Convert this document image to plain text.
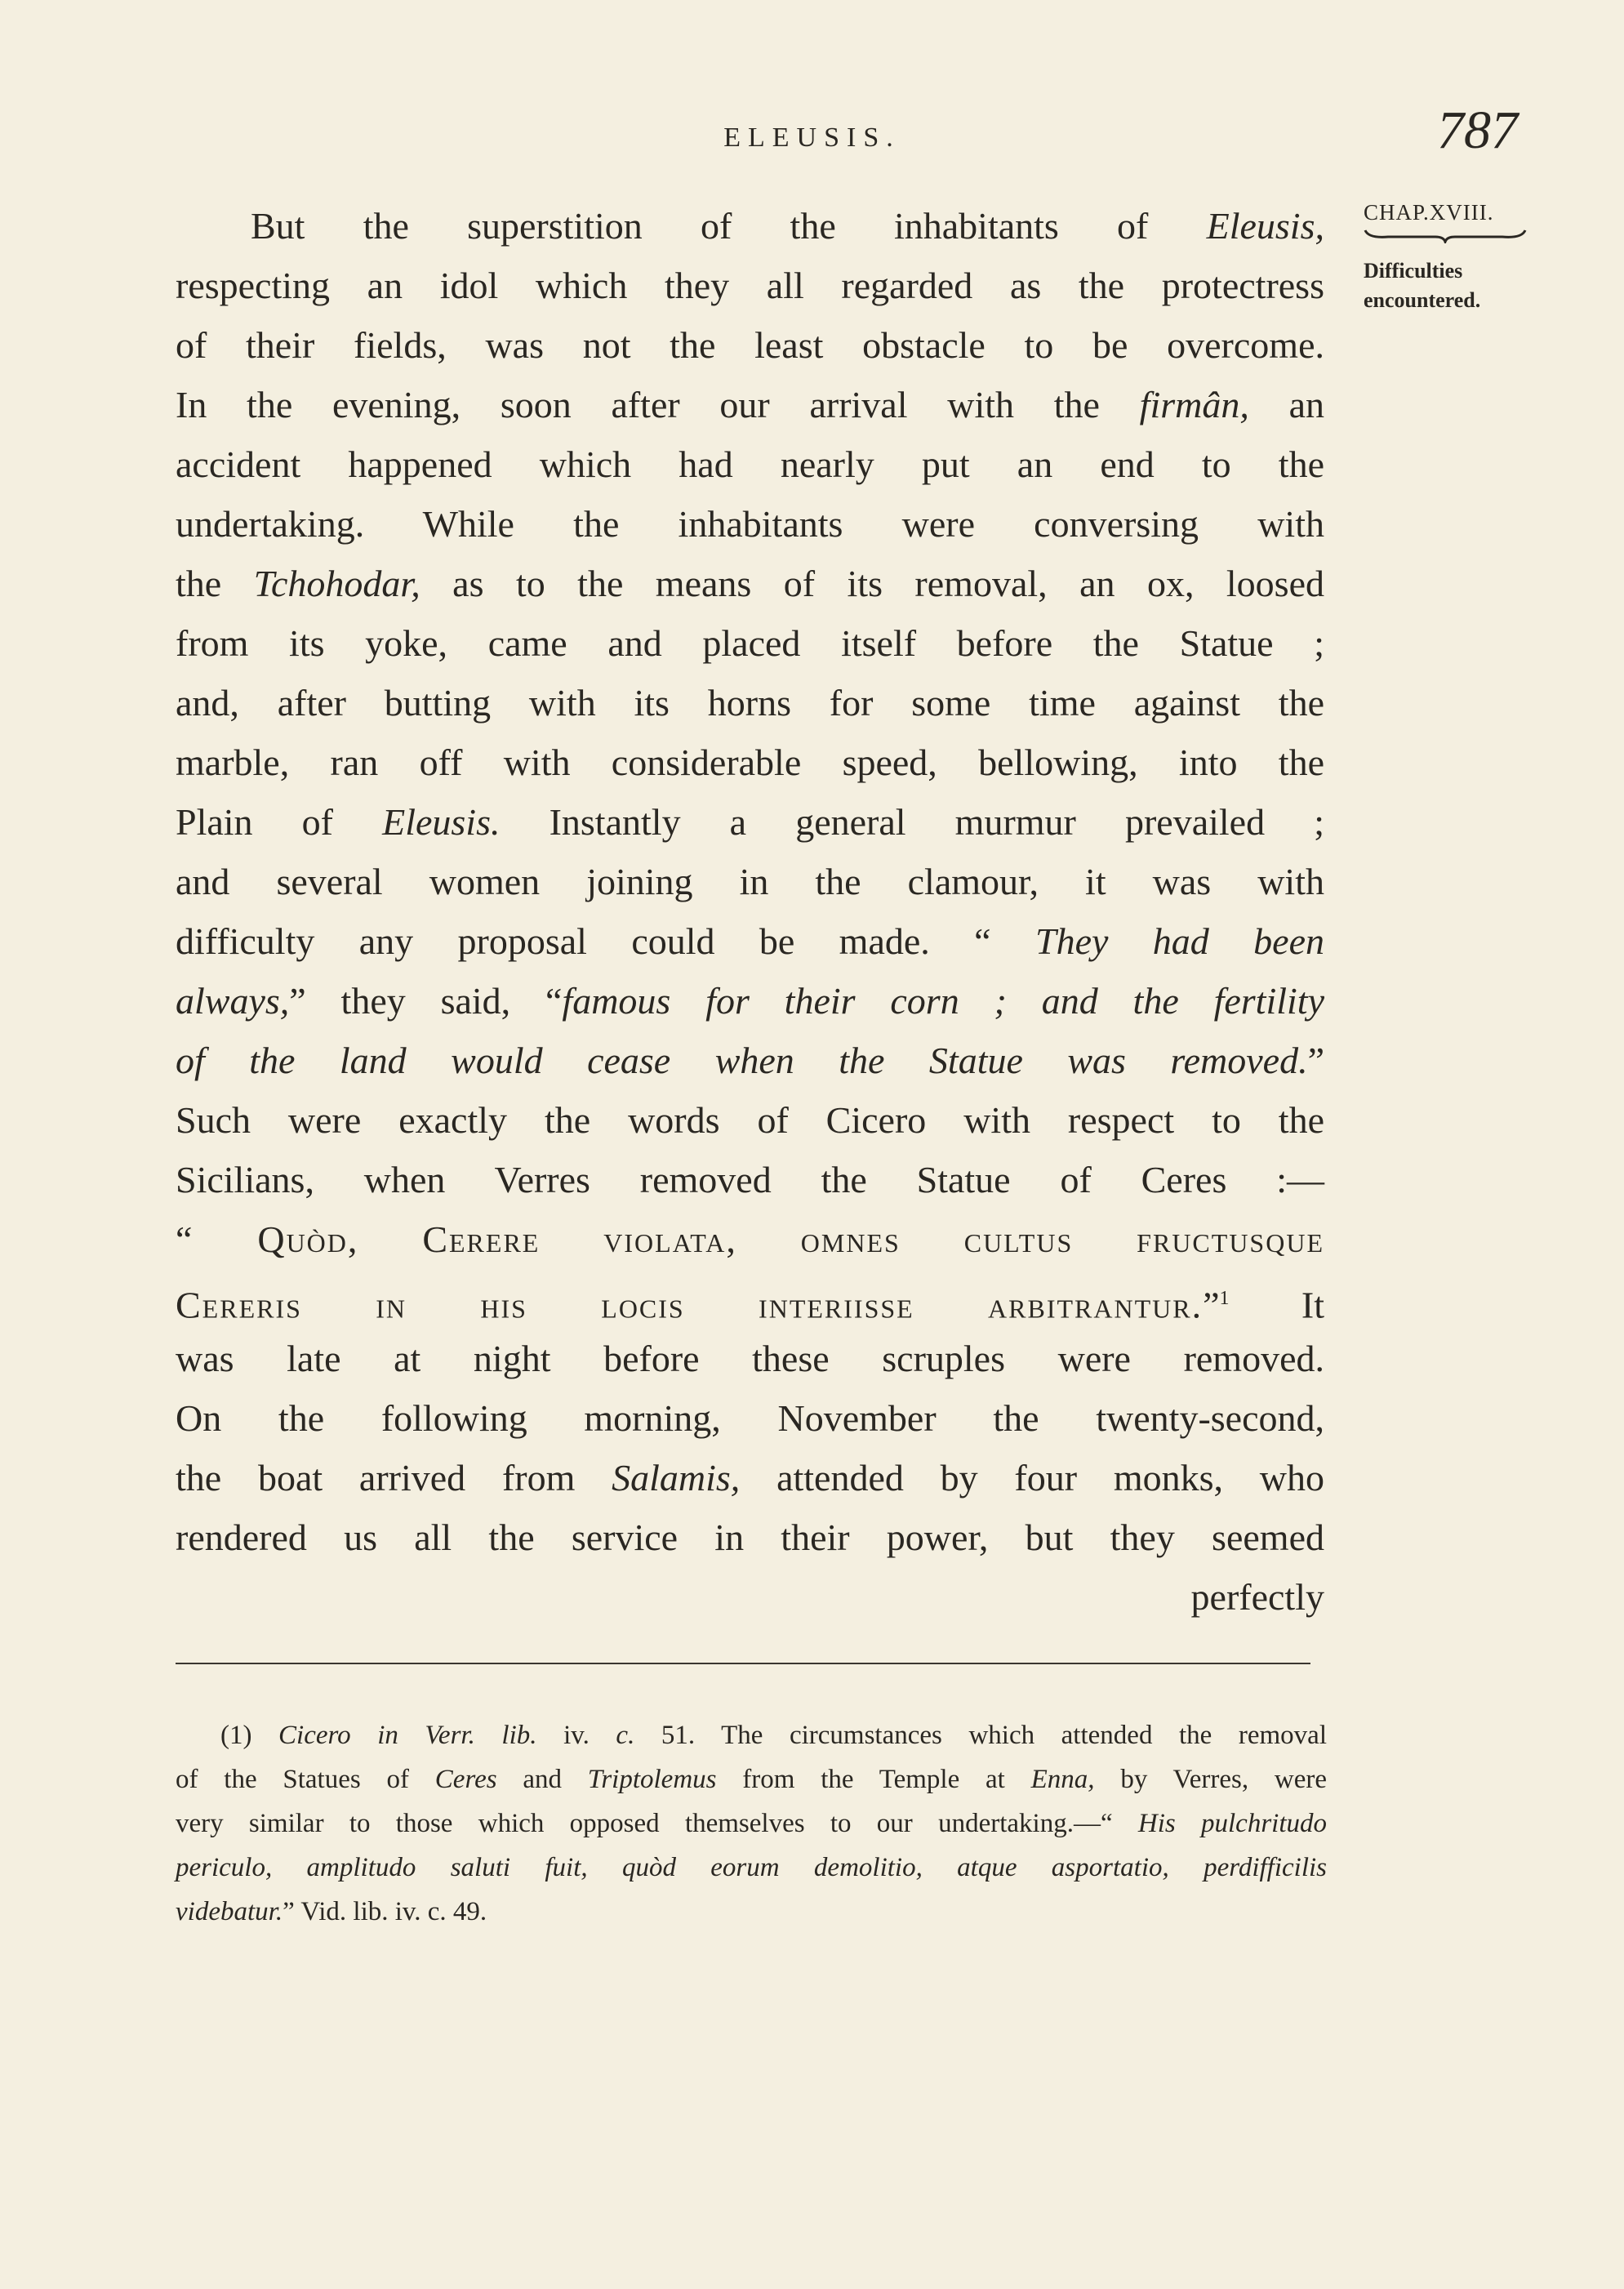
ELEUSIS.	787

CHAP.XVIII.

Difficulties

encountered.

But the superstition of the inhabitants of Eleusis,
respecting an idol which they all regarded as the protectress
of their fields, was not the least obstacle to be overcome.
In the evening, soon after our arrival with the firmân, an
accident happened which had nearly put an end to the
undertaking. While the inhabitants were conversing with
the Tchohodar, as to the means of its removal, an ox, loosed
from its yoke, came and placed itself before the Statue ;
and, after butting with its horns for some time against the
marble, ran off with considerable speed, bellowing, into the
Plain of Eleusis. Instantly a general murmur prevailed ;
and several women joining in the clamour, it was with
difficulty any proposal could be made. “ They had been
always,” they said, “famous for their corn ; and the fertility
of the land would cease when the Statue was removed.”
Such were exactly the words of Cicero with respect to the
Sicilians, when Verres removed the Statue of Ceres :—
“ Quòd, Cerere violata, omnes cultus fructusque
Cereris in his locis interiisse arbitrantur.”$^1$ It
was late at night before these scruples were removed.
On the following morning, November the twenty-second,
the boat arrived from Salamis, attended by four monks, who
rendered us all the service in their power, but they seemed
perfectly
(1) Cicero in Verr. lib. iv. c. 51. The circumstances which attended the removal
of the Statues of Ceres and Triptolemus from the Temple at Enna, by Verres, were
very similar to those which opposed themselves to our undertaking.—“ His pulchritudo
periculo, amplitudo saluti fuit, quòd eorum demolitio, atque asportatio, perdifficilis
videbatur.” Vid. lib. iv. c. 49.
